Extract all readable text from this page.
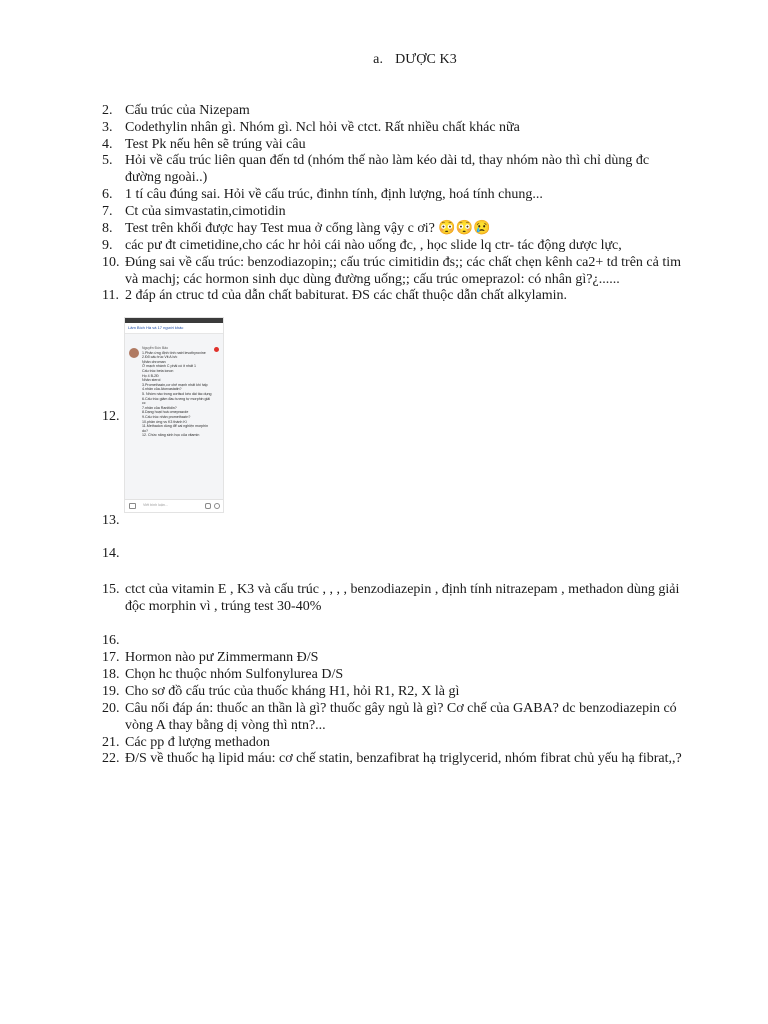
a. DƯỢC K3
2. Cấu trúc của Nizepam
3. Codethylin nhân gì. Nhóm gì. Ncl hỏi về ctct. Rất nhiều chất khác nữa
4. Test Pk nếu hên sẽ trúng vài câu
5. Hỏi về cấu trúc liên quan đến td (nhóm thế nào làm kéo dài td, thay nhóm nào thì chỉ dùng đc đường ngoài..)
6. 1 tí câu đúng sai. Hỏi về cấu trúc, đinhn tính, định lượng, hoá tính chung...
7. Ct của simvastatin,cimotidin
8. Test trên khối được hay Test mua ở cổng làng vậy c ơi? 😳😳😢
9. các pư đt cimetidine,cho các hr hỏi cái nào uống đc, , học slide lq ctr- tác động dược lực,
10. Đúng sai về cấu trúc: benzodiazopin;; cấu trúc cimitidin đs;; các chất chẹn kênh ca2+ td trên cả tim và machj; các hormon sinh dục dùng đường uống;; cấu trúc omeprazol: có nhân gì?¿......
11. 2 đáp án ctruc td của dẫn chất babiturat. ĐS các chất thuộc dẫn chất alkylamin.
12.
Lâm Bích Hà và 17 người khác
Nguyễn Đức Bảo
1.Phản ứng định tính natri levothyroxine
2.Đổ cấu trúc Vit A b/c
Nhân chroman
Ở mạch nhánh C phải có ít nhất 1
Cấu trúc beta ionon
Họ 4 B-2Đ
Nhân steroi
3.Promethazin,cơ chế mạnh nhất khi hấp
4.nhân của Atorvastatin?
5. Nhóm nào trong cortisol kéo dài tác dụng
6.Cấu trúc giảm đau tương tự morphin giải cc
7.nhân của Ranitidin?
8.Dạng hoạt hoá omeprazole
9.Cấu trúc nhân promethazin?
10.phản ứng vs K3 thành Ki
11.Methadon dùng để cai nghiện morphin do?
12. Chức năng sinh học của vitamin
Viết bình luận...
13.
14.
15. ctct của vitamin E , K3 và cấu trúc , , , , benzodiazepin , định tính nitrazepam , methadon dùng giải độc morphin vì , trúng test 30-40%
16.
17. Hormon nào pư Zimmermann Đ/S
18. Chọn hc thuộc nhóm Sulfonylurea D/S
19. Cho sơ đồ cấu trúc của thuốc kháng H1, hỏi R1, R2, X là gì
20. Câu nối đáp án: thuốc an thần là gì? thuốc gây ngủ là gì? Cơ chế của GABA? dc benzodiazepin có vòng A thay bằng dị vòng thì ntn?...
21. Các pp đ lượng methadon
22. Đ/S về thuốc hạ lipid máu: cơ chế statin, benzafibrat hạ triglycerid, nhóm fibrat chủ yếu hạ fibrat,,?
